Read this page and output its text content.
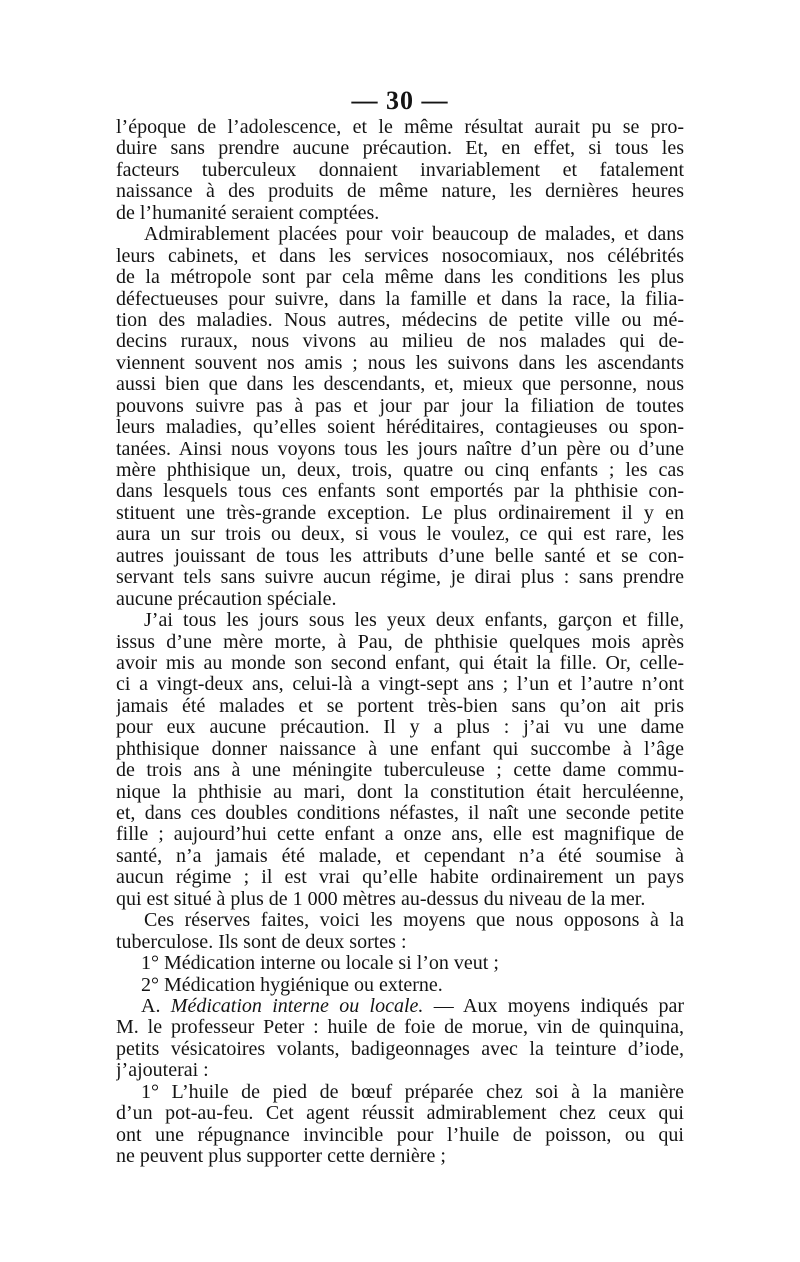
— 30 —
l’époque de l’adolescence, et le même résultat aurait pu se pro-
duire sans prendre aucune précaution. Et, en effet, si tous les
facteurs tuberculeux donnaient invariablement et fatalement
naissance à des produits de même nature, les dernières heures
de l’humanité seraient comptées.
Admirablement placées pour voir beaucoup de malades, et dans
leurs cabinets, et dans les services nosocomiaux, nos célébrités
de la métropole sont par cela même dans les conditions les plus
défectueuses pour suivre, dans la famille et dans la race, la filia-
tion des maladies. Nous autres, médecins de petite ville ou mé-
decins ruraux, nous vivons au milieu de nos malades qui de-
viennent souvent nos amis ; nous les suivons dans les ascendants
aussi bien que dans les descendants, et, mieux que personne, nous
pouvons suivre pas à pas et jour par jour la filiation de toutes
leurs maladies, qu’elles soient héréditaires, contagieuses ou spon-
tanées. Ainsi nous voyons tous les jours naître d’un père ou d’une
mère phthisique un, deux, trois, quatre ou cinq enfants ; les cas
dans lesquels tous ces enfants sont emportés par la phthisie con-
stituent une très-grande exception. Le plus ordinairement il y en
aura un sur trois ou deux, si vous le voulez, ce qui est rare, les
autres jouissant de tous les attributs d’une belle santé et se con-
servant tels sans suivre aucun régime, je dirai plus : sans prendre
aucune précaution spéciale.
J’ai tous les jours sous les yeux deux enfants, garçon et fille,
issus d’une mère morte, à Pau, de phthisie quelques mois après
avoir mis au monde son second enfant, qui était la fille. Or, celle-
ci a vingt-deux ans, celui-là a vingt-sept ans ; l’un et l’autre n’ont
jamais été malades et se portent très-bien sans qu’on ait pris
pour eux aucune précaution. Il y a plus : j’ai vu une dame
phthisique donner naissance à une enfant qui succombe à l’âge
de trois ans à une méningite tuberculeuse ; cette dame commu-
nique la phthisie au mari, dont la constitution était herculéenne,
et, dans ces doubles conditions néfastes, il naît une seconde petite
fille ; aujourd’hui cette enfant a onze ans, elle est magnifique de
santé, n’a jamais été malade, et cependant n’a été soumise à
aucun régime ; il est vrai qu’elle habite ordinairement un pays
qui est situé à plus de 1 000 mètres au-dessus du niveau de la mer.
Ces réserves faites, voici les moyens que nous opposons à la
tuberculose. Ils sont de deux sortes :
1° Médication interne ou locale si l’on veut ;
2° Médication hygiénique ou externe.
A. Médication interne ou locale. — Aux moyens indiqués par
M. le professeur Peter : huile de foie de morue, vin de quinquina,
petits vésicatoires volants, badigeonnages avec la teinture d’iode,
j’ajouterai :
1° L’huile de pied de bœuf préparée chez soi à la manière
d’un pot-au-feu. Cet agent réussit admirablement chez ceux qui
ont une répugnance invincible pour l’huile de poisson, ou qui
ne peuvent plus supporter cette dernière ;
